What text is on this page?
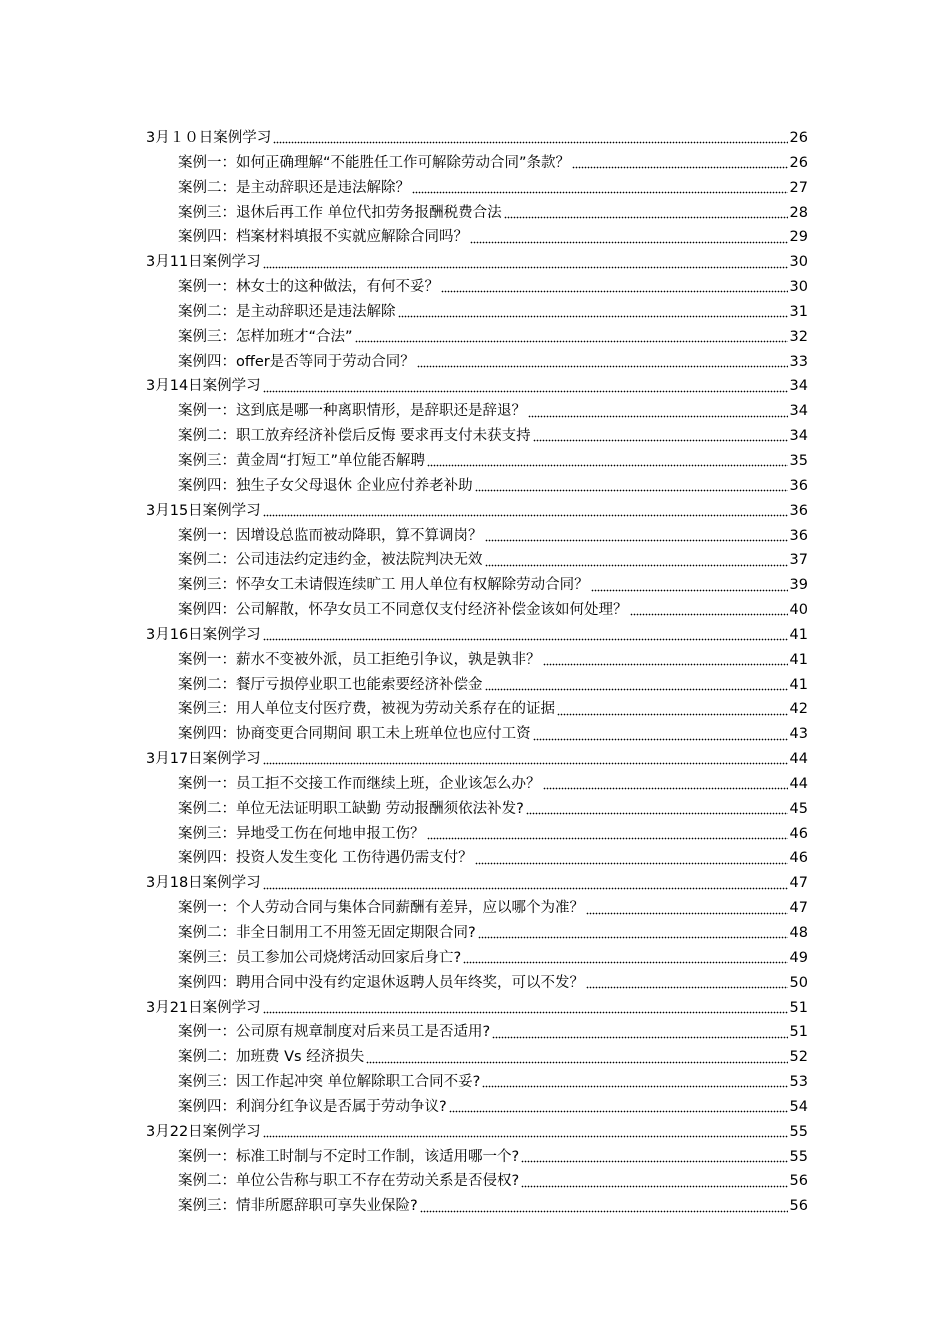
3月１０日案例学习	26
案例一：如何正确理解“不能胜任工作可解除劳动合同”条款？	26
案例二：是主动辞职还是违法解除？	27
案例三：退休后再工作 单位代扣劳务报酬税费合法	28
案例四：档案材料填报不实就应解除合同吗？	29
3月11日案例学习	30
案例一：林女士的这种做法，有何不妥？	30
案例二：是主动辞职还是违法解除	31
案例三：怎样加班才“合法”	32
案例四：offer是否等同于劳动合同？	33
3月14日案例学习	34
案例一：这到底是哪一种离职情形，是辞职还是辞退？	34
案例二：职工放弃经济补偿后反悔 要求再支付未获支持	34
案例三：黄金周“打短工”单位能否解聘	35
案例四：独生子女父母退休 企业应付养老补助	36
3月15日案例学习	36
案例一：因增设总监而被动降职，算不算调岗？	36
案例二：公司违法约定违约金，被法院判决无效	37
案例三：怀孕女工未请假连续旷工 用人单位有权解除劳动合同？	39
案例四：公司解散，怀孕女员工不同意仅支付经济补偿金该如何处理？	40
3月16日案例学习	41
案例一：薪水不变被外派，员工拒绝引争议，孰是孰非？	41
案例二：餐厅亏损停业职工也能索要经济补偿金	41
案例三：用人单位支付医疗费，被视为劳动关系存在的证据	42
案例四：协商变更合同期间 职工未上班单位也应付工资	43
3月17日案例学习	44
案例一：员工拒不交接工作而继续上班，企业该怎么办？	44
案例二：单位无法证明职工缺勤 劳动报酬须依法补发?	45
案例三：异地受工伤在何地申报工伤？	46
案例四：投资人发生变化 工伤待遇仍需支付？	46
3月18日案例学习	47
案例一：个人劳动合同与集体合同薪酬有差异，应以哪个为准？	47
案例二：非全日制用工不用签无固定期限合同?	48
案例三：员工参加公司烧烤活动回家后身亡?	49
案例四：聘用合同中没有约定退休返聘人员年终奖，可以不发？	50
3月21日案例学习	51
案例一：公司原有规章制度对后来员工是否适用?	51
案例二：加班费 Vs 经济损失	52
案例三：因工作起冲突 单位解除职工合同不妥?	53
案例四：利润分红争议是否属于劳动争议?	54
3月22日案例学习	55
案例一：标准工时制与不定时工作制，该适用哪一个?	55
案例二：单位公告称与职工不存在劳动关系是否侵权?	56
案例三：情非所愿辞职可享失业保险?	56
